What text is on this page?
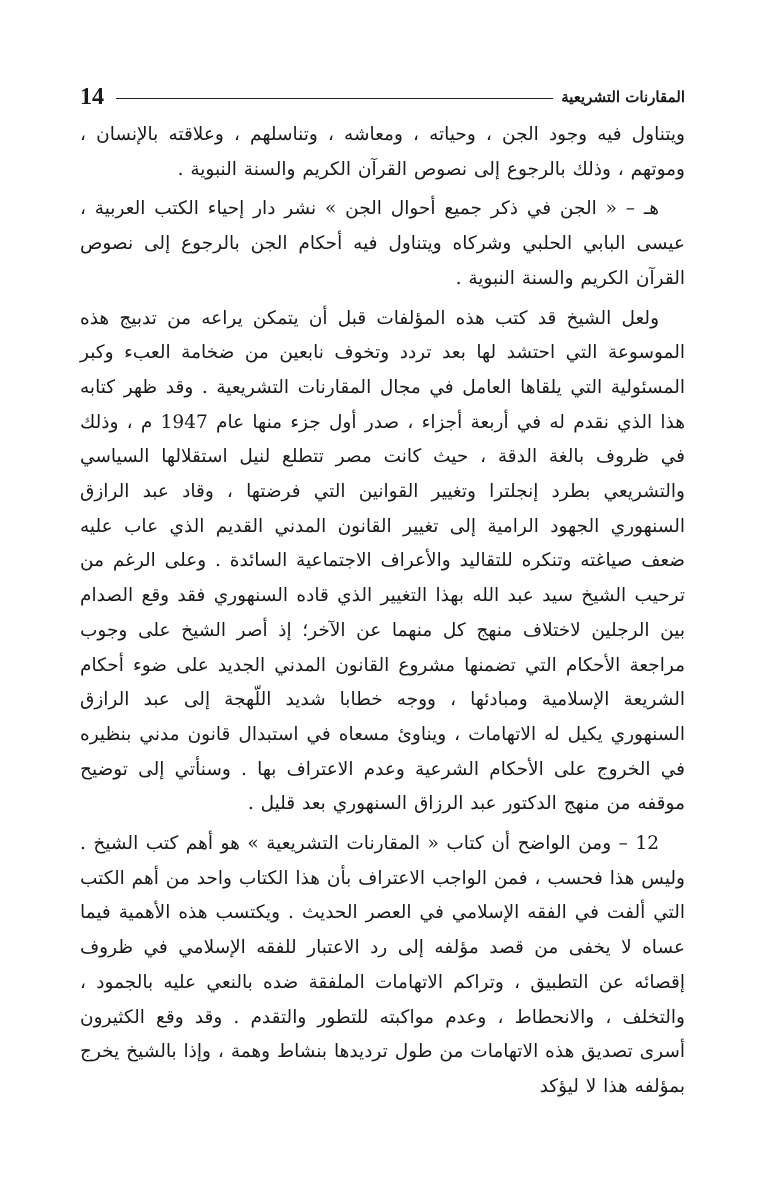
14	المقارنات التشريعية

ويتناول فيه وجود الجن ، وحياته ، ومعاشه ، وتناسلهم ، وعلاقته بالإنسان ، وموتهم ، وذلك بالرجوع إلى نصوص القرآن الكريم والسنة النبوية .

هـ – « الجن في ذكر جميع أحوال الجن » نشر دار إحياء الكتب العربية ، عيسى البابي الحلبي وشركاه ويتناول فيه أحكام الجن بالرجوع إلى نصوص القرآن الكريم والسنة النبوية .

ولعل الشيخ قد كتب هذه المؤلفات قبل أن يتمكن يراعه من تدبيج هذه الموسوعة التي احتشد لها بعد تردد وتخوف نابعين من ضخامة العبء وكبر المسئولية التي يلقاها العامل في مجال المقارنات التشريعية . وقد ظهر كتابه هذا الذي نقدم له في أربعة أجزاء ، صدر أول جزء منها عام 1947 م ، وذلك في ظروف بالغة الدقة ، حيث كانت مصر تتطلع لنيل استقلالها السياسي والتشريعي بطرد إنجلترا وتغيير القوانين التي فرضتها ، وقاد عبد الرازق السنهوري الجهود الرامية إلى تغيير القانون المدني القديم الذي عاب عليه ضعف صياغته وتنكره للتقاليد والأعراف الاجتماعية السائدة . وعلى الرغم من ترحيب الشيخ سيد عبد الله بهذا التغيير الذي قاده السنهوري فقد وقع الصدام بين الرجلين لاختلاف منهج كل منهما عن الآخر؛ إذ أصر الشيخ على وجوب مراجعة الأحكام التي تضمنها مشروع القانون المدني الجديد على ضوء أحكام الشريعة الإسلامية ومبادئها ، ووجه خطابا شديد اللّهجة إلى عبد الرازق السنهوري يكيل له الاتهامات ، ويناوئ مسعاه في استبدال قانون مدني بنظيره في الخروج على الأحكام الشرعية وعدم الاعتراف بها . وسنأتي إلى توضيح موقفه من منهج الدكتور عبد الرزاق السنهوري بعد قليل .

12 – ومن الواضح أن كتاب « المقارنات التشريعية » هو أهم كتب الشيخ . وليس هذا فحسب ، فمن الواجب الاعتراف بأن هذا الكتاب واحد من أهم الكتب التي ألفت في الفقه الإسلامي في العصر الحديث . ويكتسب هذه الأهمية فيما عساه لا يخفى من قصد مؤلفه إلى رد الاعتبار للفقه الإسلامي في ظروف إقصائه عن التطبيق ، وتراكم الاتهامات الملفقة ضده بالنعي عليه بالجمود ، والتخلف ، والانحطاط ، وعدم مواكبته للتطور والتقدم . وقد وقع الكثيرون أسرى تصديق هذه الاتهامات من طول ترديدها بنشاط وهمة ، وإذا بالشيخ يخرج بمؤلفه هذا لا ليؤكد
